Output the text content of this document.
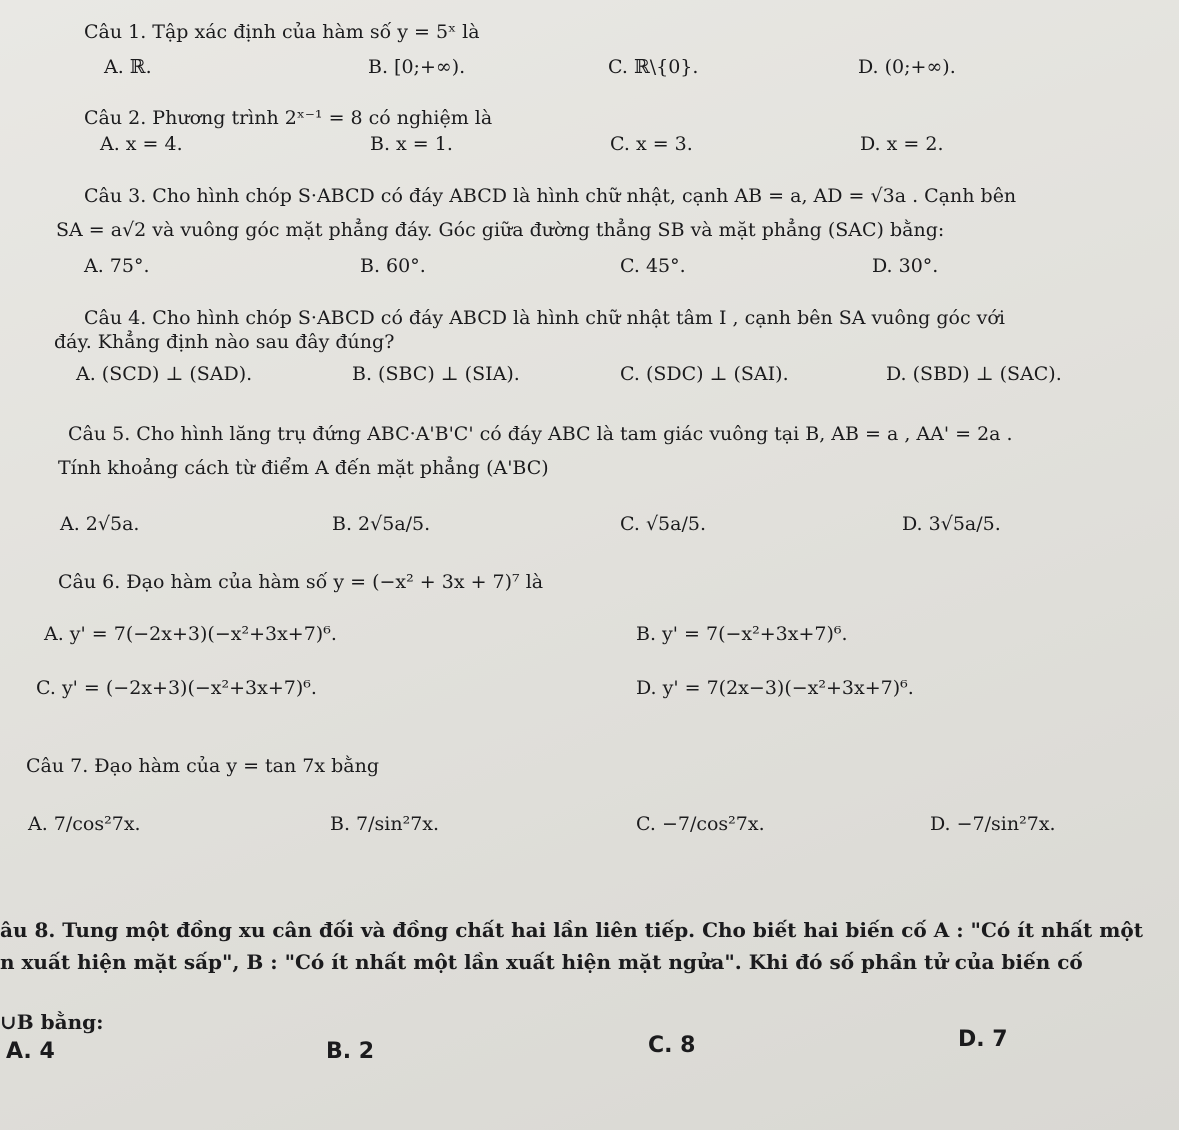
Câu 1. Tập xác định của hàm số y = 5ˣ là
A. ℝ.	B. [0;+∞).	C. ℝ\{0}.	D. (0;+∞).
Câu 2. Phương trình 2ˣ⁻¹ = 8 có nghiệm là
A. x = 4.	B. x = 1.	C. x = 3.	D. x = 2.
Câu 3. Cho hình chóp S·ABCD có đáy ABCD là hình chữ nhật, cạnh AB = a, AD = √3a . Cạnh bên
SA = a√2 và vuông góc mặt phẳng đáy. Góc giữa đường thẳng SB và mặt phẳng (SAC) bằng:
A. 75°.	B. 60°.	C. 45°.	D. 30°.
Câu 4. Cho hình chóp S·ABCD có đáy ABCD là hình chữ nhật tâm I , cạnh bên SA vuông góc với
đáy. Khẳng định nào sau đây đúng?
A. (SCD) ⊥ (SAD).	B. (SBC) ⊥ (SIA).	C. (SDC) ⊥ (SAI).	D. (SBD) ⊥ (SAC).
Câu 5. Cho hình lăng trụ đứng ABC·A'B'C' có đáy ABC là tam giác vuông tại B, AB = a , AA' = 2a .
Tính khoảng cách từ điểm A đến mặt phẳng (A'BC)
A. 2√5a.	B. 2√5a/5.	C. √5a/5.	D. 3√5a/5.
Câu 6. Đạo hàm của hàm số y = (−x² + 3x + 7)⁷ là
A. y' = 7(−2x+3)(−x²+3x+7)⁶.	B. y' = 7(−x²+3x+7)⁶.
C. y' = (−2x+3)(−x²+3x+7)⁶.	D. y' = 7(2x−3)(−x²+3x+7)⁶.
Câu 7. Đạo hàm của y = tan 7x bằng
A. 7/cos²7x.	B. 7/sin²7x.	C. −7/cos²7x.	D. −7/sin²7x.
âu 8. Tung một đồng xu cân đối và đồng chất hai lần liên tiếp. Cho biết hai biến cố A : "Có ít nhất một
n xuất hiện mặt sấp", B : "Có ít nhất một lần xuất hiện mặt ngửa". Khi đó số phần tử của biến cố
∪B bằng:
A. 4	B. 2	C. 8	D. 7
